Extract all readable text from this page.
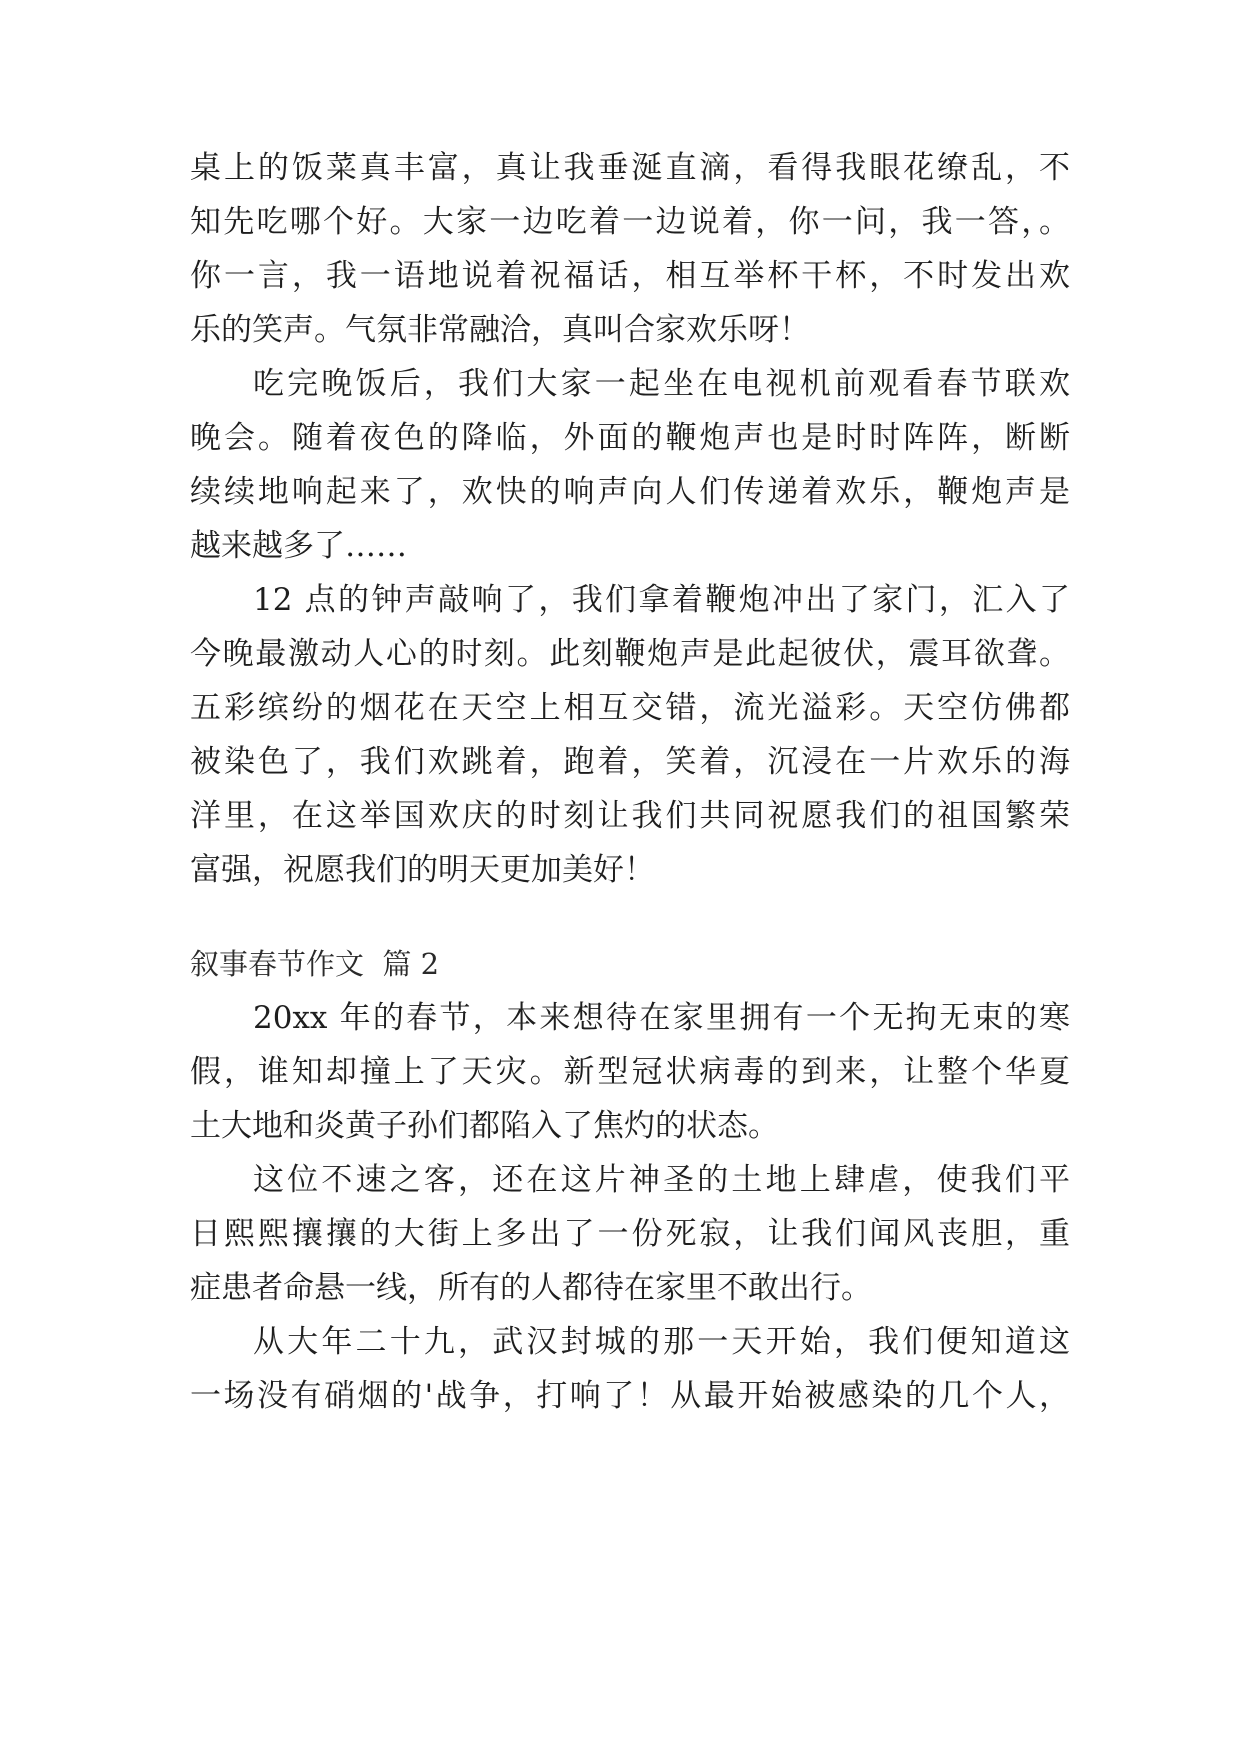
桌上的饭菜真丰富，真让我垂涎直滴，看得我眼花缭乱，不
知先吃哪个好。大家一边吃着一边说着，你一问，我一答，。
你一言，我一语地说着祝福话，相互举杯干杯，不时发出欢
乐的笑声。气氛非常融洽，真叫合家欢乐呀！
吃完晚饭后，我们大家一起坐在电视机前观看春节联欢
晚会。随着夜色的降临，外面的鞭炮声也是时时阵阵，断断
续续地响起来了，欢快的响声向人们传递着欢乐，鞭炮声是
越来越多了……
12 点的钟声敲响了，我们拿着鞭炮冲出了家门，汇入了
今晚最激动人心的时刻。此刻鞭炮声是此起彼伏，震耳欲聋。
五彩缤纷的烟花在天空上相互交错，流光溢彩。天空仿佛都
被染色了，我们欢跳着，跑着，笑着，沉浸在一片欢乐的海
洋里，在这举国欢庆的时刻让我们共同祝愿我们的祖国繁荣
富强，祝愿我们的明天更加美好！
叙事春节作文  篇 2
20xx 年的春节，本来想待在家里拥有一个无拘无束的寒
假，谁知却撞上了天灾。新型冠状病毒的到来，让整个华夏
土大地和炎黄子孙们都陷入了焦灼的状态。
这位不速之客，还在这片神圣的土地上肆虐，使我们平
日熙熙攘攘的大街上多出了一份死寂，让我们闻风丧胆，重
症患者命悬一线，所有的人都待在家里不敢出行。
从大年二十九，武汉封城的那一天开始，我们便知道这
一场没有硝烟的'战争，打响了！从最开始被感染的几个人，
